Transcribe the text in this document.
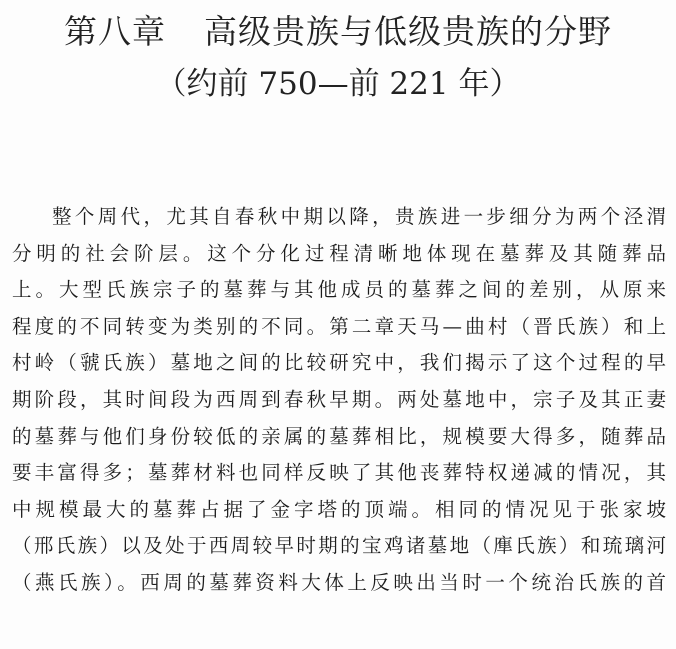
第八章 高级贵族与低级贵族的分野
（约前 750—前 221 年）
整个周代，尤其自春秋中期以降，贵族进一步细分为两个泾渭
分明的社会阶层。这个分化过程清晰地体现在墓葬及其随葬品
上。大型氏族宗子的墓葬与其他成员的墓葬之间的差别，从原来
程度的不同转变为类别的不同。第二章天马—曲村（晋氏族）和上
村岭（虢氏族）墓地之间的比较研究中，我们揭示了这个过程的早
期阶段，其时间段为西周到春秋早期。两处墓地中，宗子及其正妻
的墓葬与他们身份较低的亲属的墓葬相比，规模要大得多，随葬品
要丰富得多；墓葬材料也同样反映了其他丧葬特权递减的情况，其
中规模最大的墓葬占据了金字塔的顶端。相同的情况见于张家坡
（邢氏族）以及处于西周较早时期的宝鸡诸墓地（㢑氏族）和琉璃河
（燕氏族）。西周的墓葬资料大体上反映出当时一个统治氏族的首
